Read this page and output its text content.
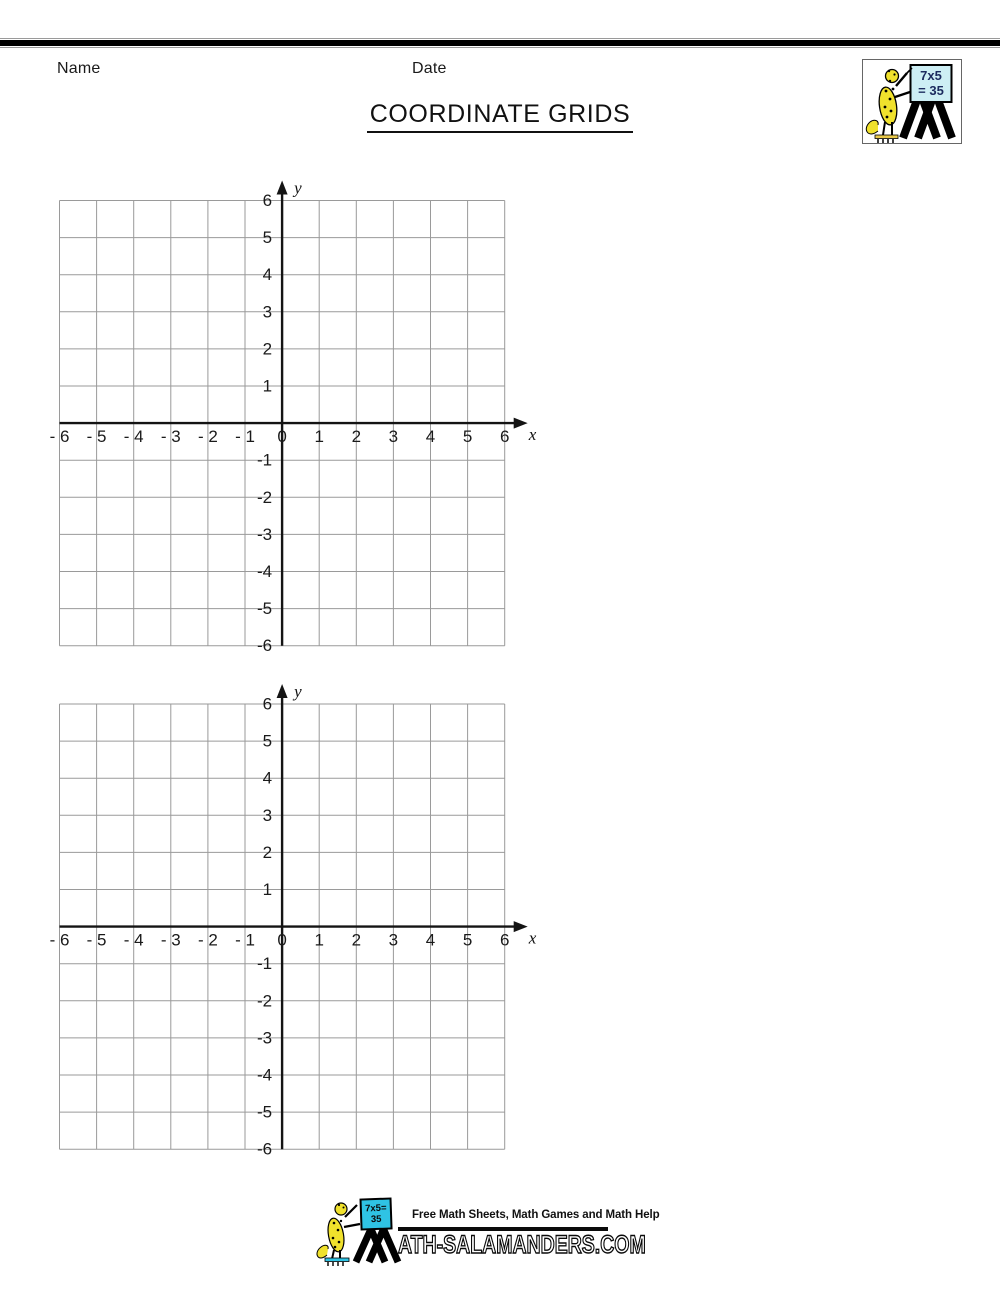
Name	Date	7x5
= 35
COORDINATE GRIDS
- 6 - 5 - 4 - 3 - 2 - 1 0 1 2 3 4 5 6
6
5
4
3
2
1
-1
-2
-3
-4
-5
-6
y
x
- 6 - 5 - 4 - 3 - 2 - 1 0 1 2 3 4 5 6
6
5
4
3
2
1
-1
-2
-3
-4
-5
-6
y
x
7x5=
35	Free Math Sheets, Math Games and Math Help
ATH-SALAMANDERS.COM
